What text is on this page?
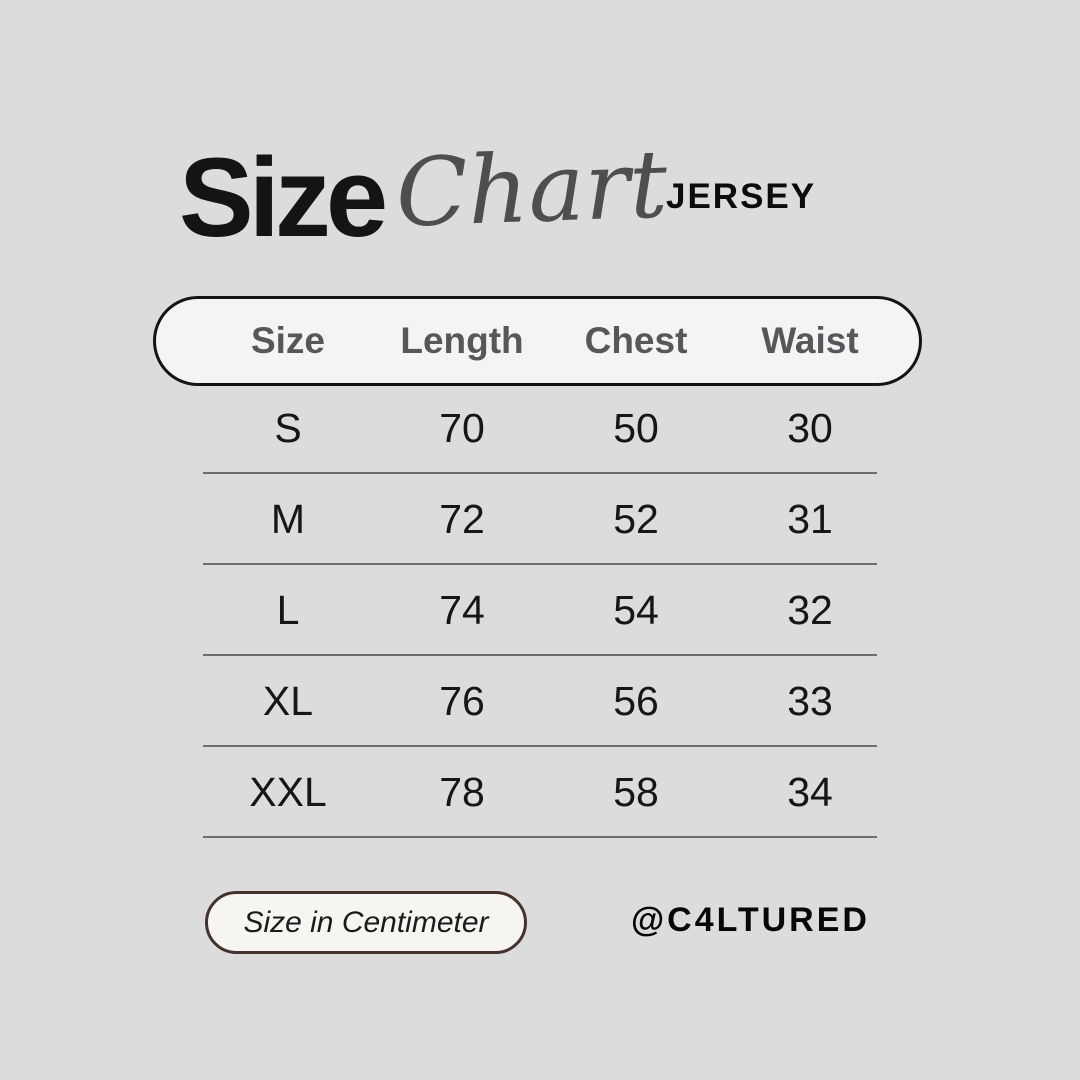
Size Chart
JERSEY
Size	Length	Chest	Waist
S	70	50	30
M	72	52	31
L	74	54	32
XL	76	56	33
XXL	78	58	34
Size in Centimeter	@C4LTURED
